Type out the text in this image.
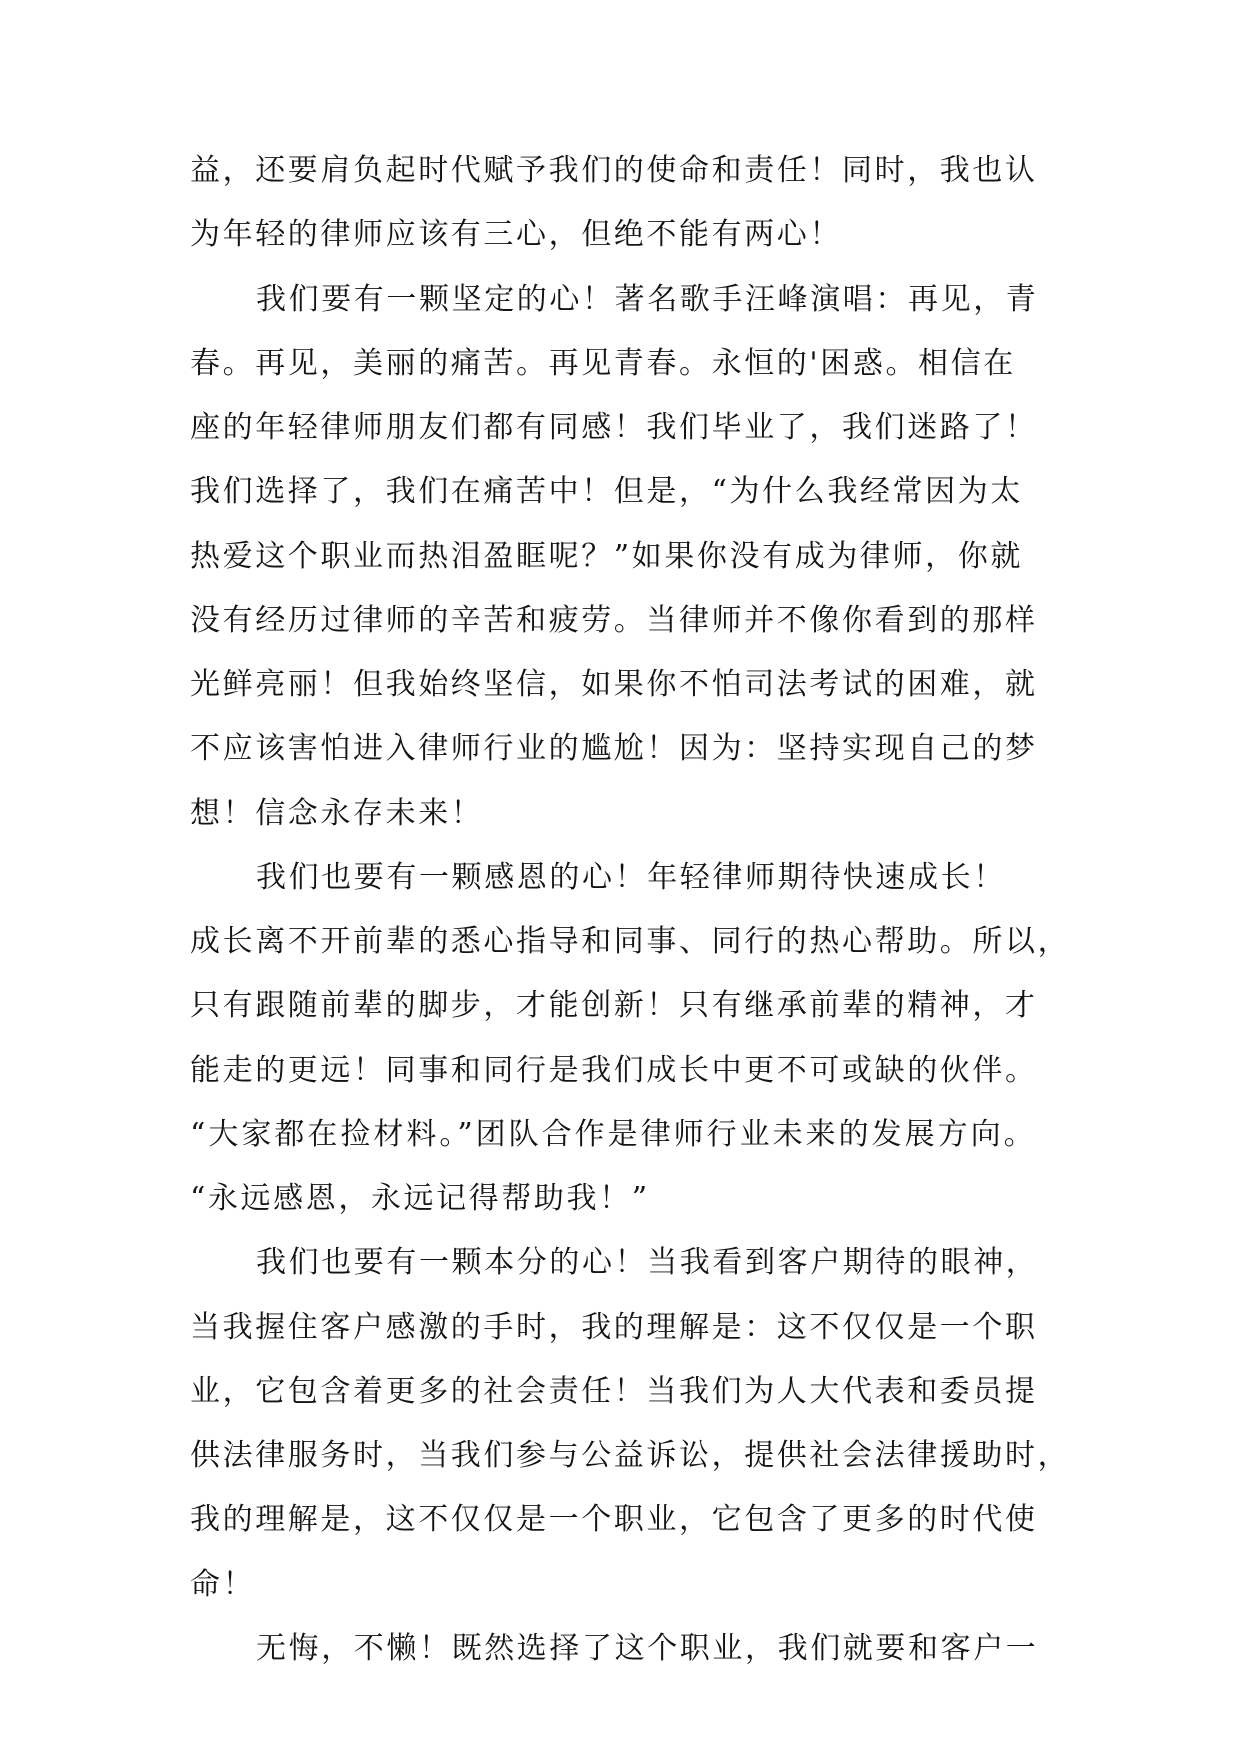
益，还要肩负起时代赋予我们的使命和责任！同时，我也认
为年轻的律师应该有三心，但绝不能有两心！
我们要有一颗坚定的心！著名歌手汪峰演唱：再见，青
春。再见，美丽的痛苦。再见青春。永恒的'困惑。相信在
座的年轻律师朋友们都有同感！我们毕业了，我们迷路了！
我们选择了，我们在痛苦中！但是，“为什么我经常因为太
热爱这个职业而热泪盈眶呢？”如果你没有成为律师，你就
没有经历过律师的辛苦和疲劳。当律师并不像你看到的那样
光鲜亮丽！但我始终坚信，如果你不怕司法考试的困难，就
不应该害怕进入律师行业的尴尬！因为：坚持实现自己的梦
想！信念永存未来！
我们也要有一颗感恩的心！年轻律师期待快速成长！
成长离不开前辈的悉心指导和同事、同行的热心帮助。所以，
只有跟随前辈的脚步，才能创新！只有继承前辈的精神，才
能走的更远！同事和同行是我们成长中更不可或缺的伙伴。
“大家都在捡材料。”团队合作是律师行业未来的发展方向。
“永远感恩，永远记得帮助我！”
我们也要有一颗本分的心！当我看到客户期待的眼神，
当我握住客户感激的手时，我的理解是：这不仅仅是一个职
业，它包含着更多的社会责任！当我们为人大代表和委员提
供法律服务时，当我们参与公益诉讼，提供社会法律援助时，
我的理解是，这不仅仅是一个职业，它包含了更多的时代使
命！
无悔，不懒！既然选择了这个职业，我们就要和客户一
